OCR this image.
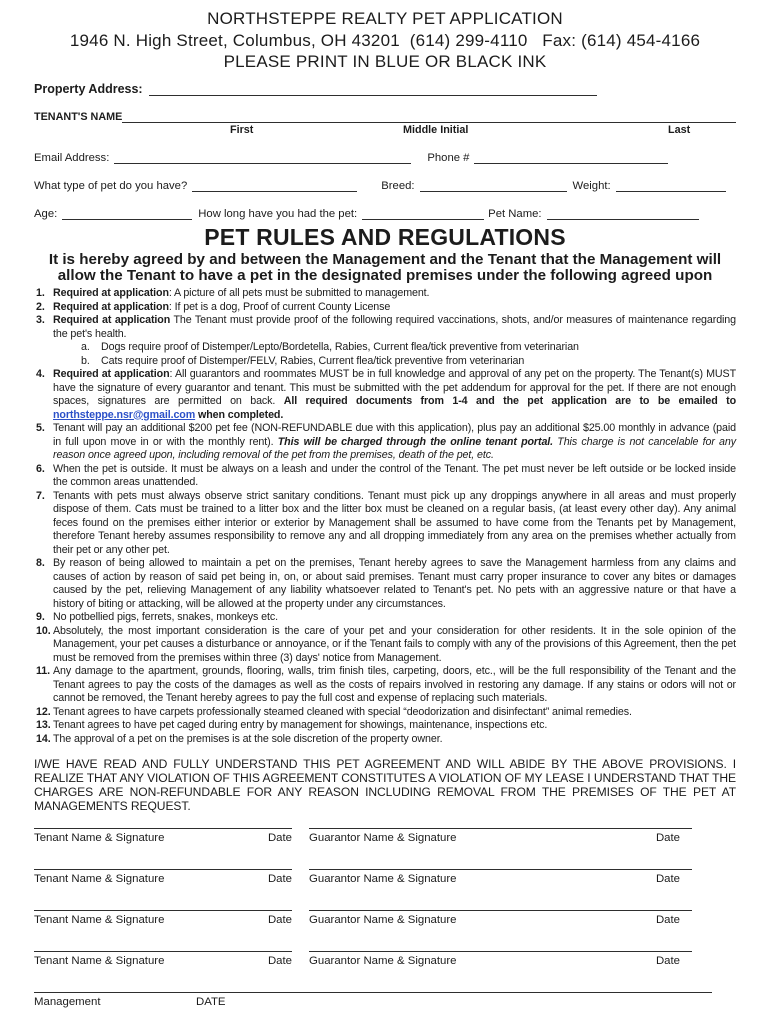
NORTHSTEPPE REALTY PET APPLICATION
1946 N. High Street, Columbus, OH 43201  (614) 299-4110   Fax: (614) 454-4166
PLEASE PRINT IN BLUE OR BLACK INK
Property Address:
TENANT'S NAME
First	Middle Initial	Last
Email Address:	Phone #
What type of pet do you have?	Breed:	Weight:
Age:	How long have you had the pet:	Pet Name:
PET RULES AND REGULATIONS
It is hereby agreed by and between the Management and the Tenant that the Management will allow the Tenant to have a pet in the designated premises under the following agreed upon
1. Required at application: A picture of all pets must be submitted to management.
2. Required at application: If pet is a dog, Proof of current County License
3. Required at application The Tenant must provide proof of the following required vaccinations, shots, and/or measures of maintenance regarding the pet's health.
a.	Dogs require proof of Distemper/Lepto/Bordetella, Rabies, Current flea/tick preventive from veterinarian
b.	Cats require proof of Distemper/FELV, Rabies, Current flea/tick preventive from veterinarian
4. Required at application: All guarantors and roommates MUST be in full knowledge and approval of any pet on the property. The Tenant(s) MUST have the signature of every guarantor and tenant. This must be submitted with the pet addendum for approval for the pet. If there are not enough spaces, signatures are permitted on back. All required documents from 1-4 and the pet application are to be emailed to northsteppe.nsr@gmail.com when completed.
5. Tenant will pay an additional $200 pet fee (NON-REFUNDABLE due with this application), plus pay an additional $25.00 monthly in advance (paid in full upon move in or with the monthly rent). This will be charged through the online tenant portal. This charge is not cancelable for any reason once agreed upon, including removal of the pet from the premises, death of the pet, etc.
6. When the pet is outside. It must be always on a leash and under the control of the Tenant. The pet must never be left outside or be locked inside the common areas unattended.
7. Tenants with pets must always observe strict sanitary conditions. Tenant must pick up any droppings anywhere in all areas and must properly dispose of them. Cats must be trained to a litter box and the litter box must be cleaned on a regular basis, (at least every other day). Any animal feces found on the premises either interior or exterior by Management shall be assumed to have come from the Tenants pet by Management, therefore Tenant hereby assumes responsibility to remove any and all dropping immediately from any area on the premises whether actually from their pet or any other pet.
8. By reason of being allowed to maintain a pet on the premises, Tenant hereby agrees to save the Management harmless from any claims and causes of action by reason of said pet being in, on, or about said premises. Tenant must carry proper insurance to cover any bites or damages caused by the pet, relieving Management of any liability whatsoever related to Tenant's pet. No pets with an aggressive nature or that have a history of biting or attacking, will be allowed at the property under any circumstances.
9. No potbellied pigs, ferrets, snakes, monkeys etc.
10. Absolutely, the most important consideration is the care of your pet and your consideration for other residents. It in the sole opinion of the Management, your pet causes a disturbance or annoyance, or if the Tenant fails to comply with any of the provisions of this Agreement, then the pet must be removed from the premises within three (3) days' notice from Management.
11. Any damage to the apartment, grounds, flooring, walls, trim finish tiles, carpeting, doors, etc., will be the full responsibility of the Tenant and the Tenant agrees to pay the costs of the damages as well as the costs of repairs involved in restoring any damage. If any stains or odors will not or cannot be removed, the Tenant hereby agrees to pay the full cost and expense of replacing such materials.
12. Tenant agrees to have carpets professionally steamed cleaned with special “deodorization and disinfectant” animal remedies.
13. Tenant agrees to have pet caged during entry by management for showings, maintenance, inspections etc.
14. The approval of a pet on the premises is at the sole discretion of the property owner.

I/WE HAVE READ AND FULLY UNDERSTAND THIS PET AGREEMENT AND WILL ABIDE BY THE ABOVE PROVISIONS. I REALIZE THAT ANY VIOLATION OF THIS AGREEMENT CONSTITUTES A VIOLATION OF MY LEASE I UNDERSTAND THAT THE CHARGES ARE NON-REFUNDABLE FOR ANY REASON INCLUDING REMOVAL FROM THE PREMISES OF THE PET AT MANAGEMENTS REQUEST.

Tenant Name & Signature	Date Guarantor Name & Signature	Date
Tenant Name & Signature	Date Guarantor Name & Signature	Date
Tenant Name & Signature	Date Guarantor Name & Signature	Date
Tenant Name & Signature	Date Guarantor Name & Signature	Date
Management	DATE
